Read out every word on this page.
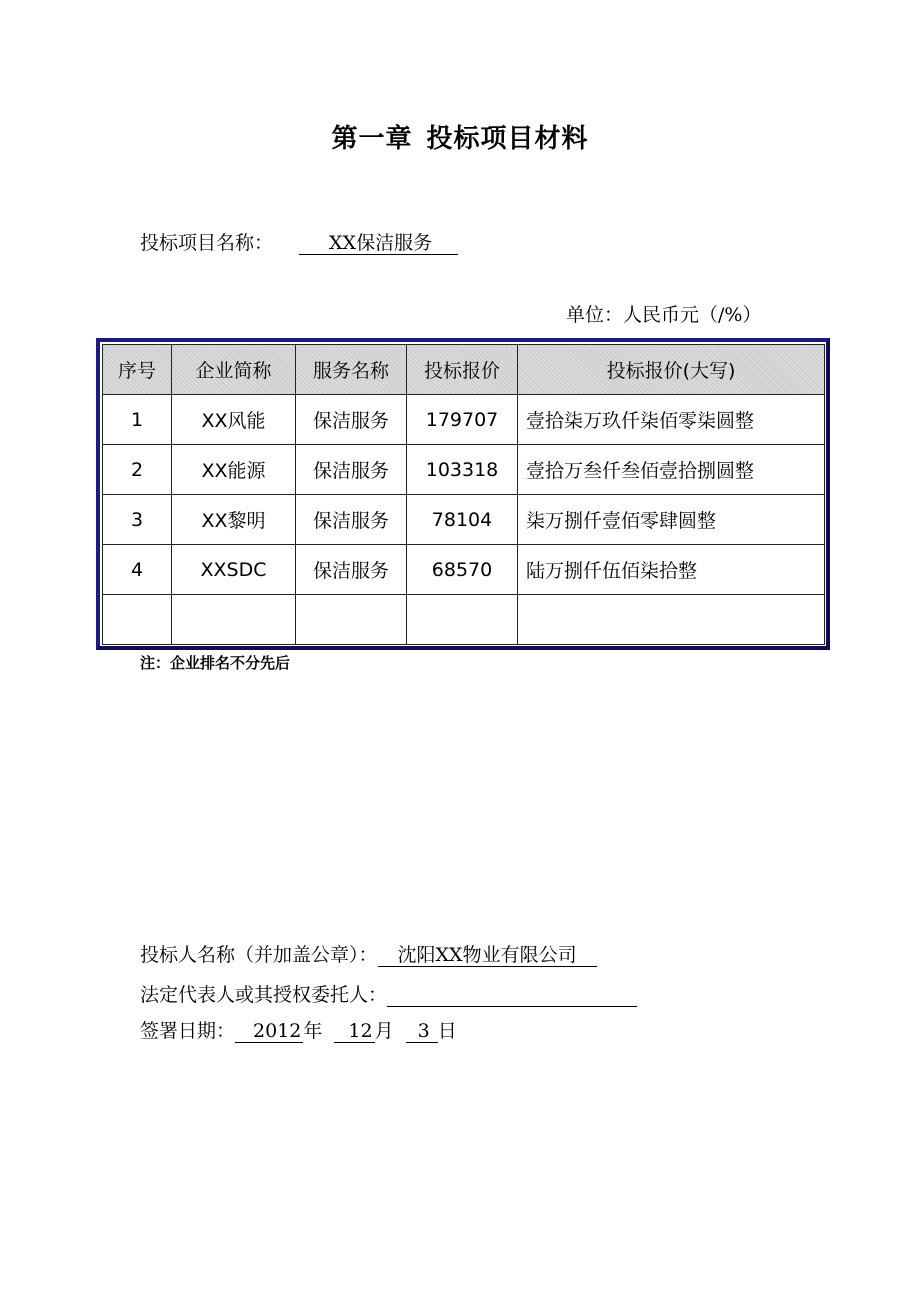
第一章 投标项目材料
投标项目名称：	XX保洁服务
单位：人民币元（/%）
序号	企业简称	服务名称	投标报价	投标报价(大写)
1	XX风能	保洁服务	179707	壹拾柒万玖仟柒佰零柒圆整
2	XX能源	保洁服务	103318	壹拾万叁仟叁佰壹拾捌圆整
3	XX黎明	保洁服务	78104	柒万捌仟壹佰零肆圆整
4	XXSDC	保洁服务	68570	陆万捌仟伍佰柒拾整

注：企业排名不分先后
投标人名称（并加盖公章）： 沈阳XX物业有限公司
法定代表人或其授权委托人：
签署日期： 2012 年 12 月 3 日
